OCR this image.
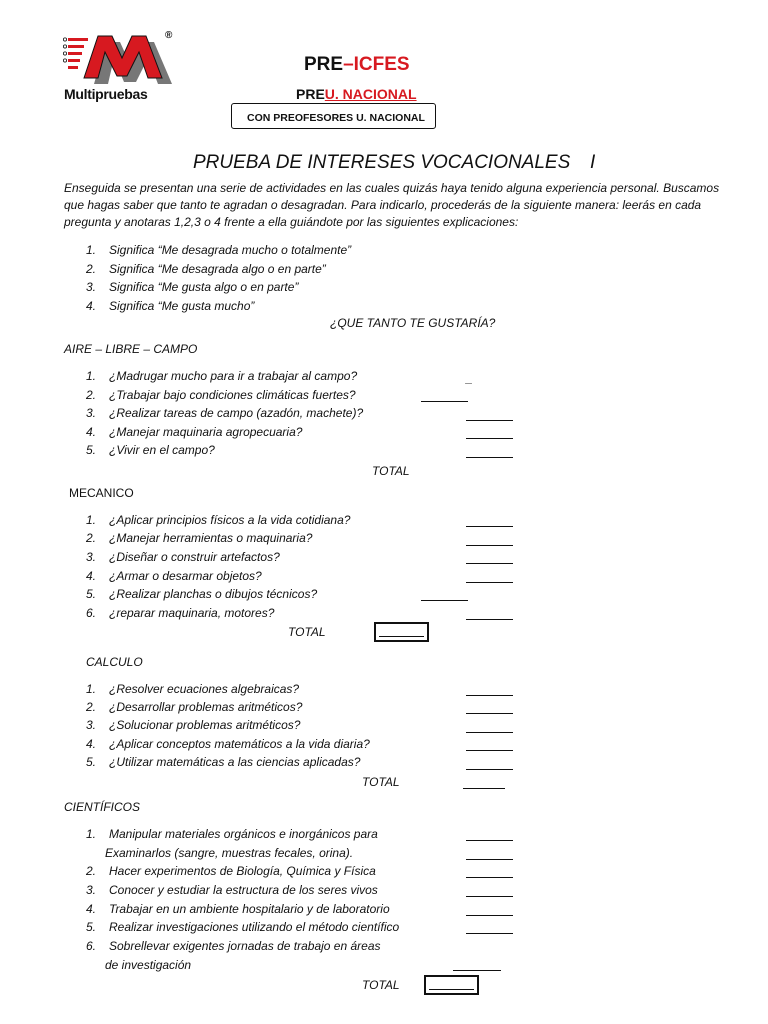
®
Multipruebas
PRE–ICFES
PREU. NACIONAL
CON PREOFESORES U. NACIONAL
PRUEBA DE INTERESES VOCACIONALES I
Enseguida se presentan una serie de actividades en las cuales quizás haya tenido alguna experiencia personal. Buscamos que hagas saber que tanto te agradan o desagradan. Para indicarlo, procederás de la siguiente manera: leerás en cada pregunta y anotaras 1,2,3 o 4 frente a ella guiándote por las siguientes explicaciones:
1. Significa “Me desagrada mucho o totalmente”
2. Significa “Me desagrada algo o en parte”
3. Significa “Me gusta algo o en parte”
4. Significa “Me gusta mucho”
¿QUE TANTO TE GUSTARÍA?
AIRE – LIBRE – CAMPO
1. ¿Madrugar mucho para ir a trabajar al campo?	_
2. ¿Trabajar bajo condiciones climáticas fuertes?
3. ¿Realizar tareas de campo (azadón, machete)?
4. ¿Manejar maquinaria agropecuaria?
5. ¿Vivir en el campo?
TOTAL
MECANICO
1. ¿Aplicar principios físicos a la vida cotidiana?
2. ¿Manejar herramientas o maquinaria?
3. ¿Diseñar o construir artefactos?
4. ¿Armar o desarmar objetos?
5. ¿Realizar planchas o dibujos técnicos?
6. ¿reparar maquinaria, motores?
TOTAL
CALCULO
1. ¿Resolver ecuaciones algebraicas?
2. ¿Desarrollar problemas aritméticos?
3. ¿Solucionar problemas aritméticos?
4. ¿Aplicar conceptos matemáticos a la vida diaria?
5. ¿Utilizar matemáticas a las ciencias aplicadas?
TOTAL
CIENTÍFICOS
1. Manipular materiales orgánicos e inorgánicos para
Examinarlos (sangre, muestras fecales, orina).
2. Hacer experimentos de Biología, Química y Física
3. Conocer y estudiar la estructura de los seres vivos
4. Trabajar en un ambiente hospitalario y de laboratorio
5. Realizar investigaciones utilizando el método científico
6. Sobrellevar exigentes jornadas de trabajo en áreas
de investigación
TOTAL
